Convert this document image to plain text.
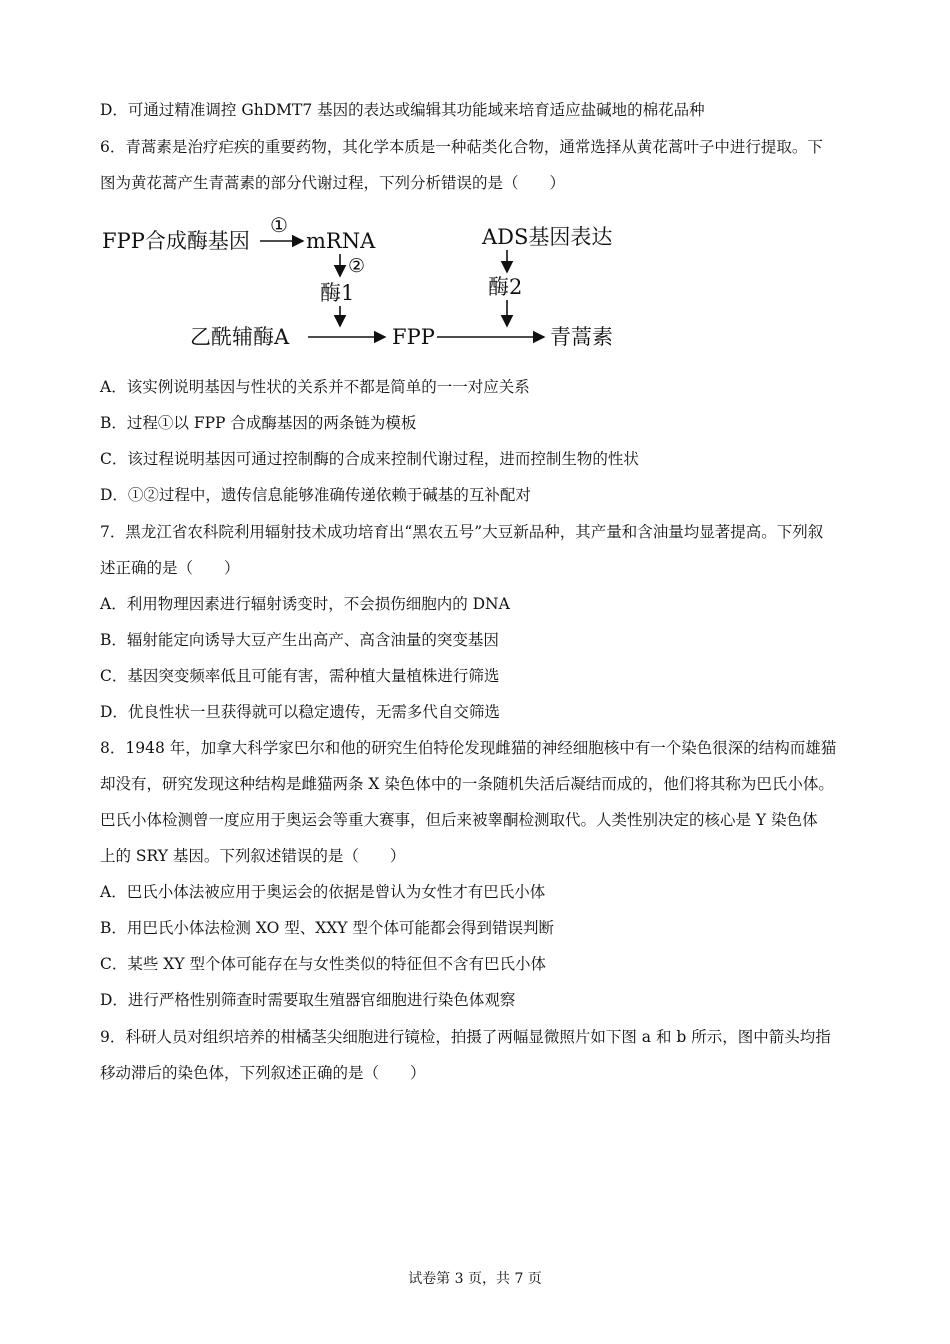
D．可通过精准调控 GhDMT7 基因的表达或编辑其功能域来培育适应盐碱地的棉花品种
6．青蒿素是治疗疟疾的重要药物，其化学本质是一种萜类化合物，通常选择从黄花蒿叶子中进行提取。下
图为黄花蒿产生青蒿素的部分代谢过程，下列分析错误的是（　　）
FPP合成酶基因
①
mRNA
②
酶1
ADS基因表达
酶2
乙酰辅酶A	FPP	青蒿素
A．该实例说明基因与性状的关系并不都是简单的一一对应关系
B．过程①以 FPP 合成酶基因的两条链为模板
C．该过程说明基因可通过控制酶的合成来控制代谢过程，进而控制生物的性状
D．①②过程中，遗传信息能够准确传递依赖于碱基的互补配对
7．黑龙江省农科院利用辐射技术成功培育出“黑农五号”大豆新品种，其产量和含油量均显著提高。下列叙
述正确的是（　　）
A．利用物理因素进行辐射诱变时，不会损伤细胞内的 DNA
B．辐射能定向诱导大豆产生出高产、高含油量的突变基因
C．基因突变频率低且可能有害，需种植大量植株进行筛选
D．优良性状一旦获得就可以稳定遗传，无需多代自交筛选
8．1948 年，加拿大科学家巴尔和他的研究生伯特伦发现雌猫的神经细胞核中有一个染色很深的结构而雄猫
却没有，研究发现这种结构是雌猫两条 X 染色体中的一条随机失活后凝结而成的，他们将其称为巴氏小体。
巴氏小体检测曾一度应用于奥运会等重大赛事，但后来被睾酮检测取代。人类性别决定的核心是 Y 染色体
上的 SRY 基因。下列叙述错误的是（　　）
A．巴氏小体法被应用于奥运会的依据是曾认为女性才有巴氏小体
B．用巴氏小体法检测 XO 型、XXY 型个体可能都会得到错误判断
C．某些 XY 型个体可能存在与女性类似的特征但不含有巴氏小体
D．进行严格性别筛查时需要取生殖器官细胞进行染色体观察
9．科研人员对组织培养的柑橘茎尖细胞进行镜检，拍摄了两幅显微照片如下图 a 和 b 所示，图中箭头均指
移动滞后的染色体，下列叙述正确的是（　　）
试卷第 3 页，共 7 页
